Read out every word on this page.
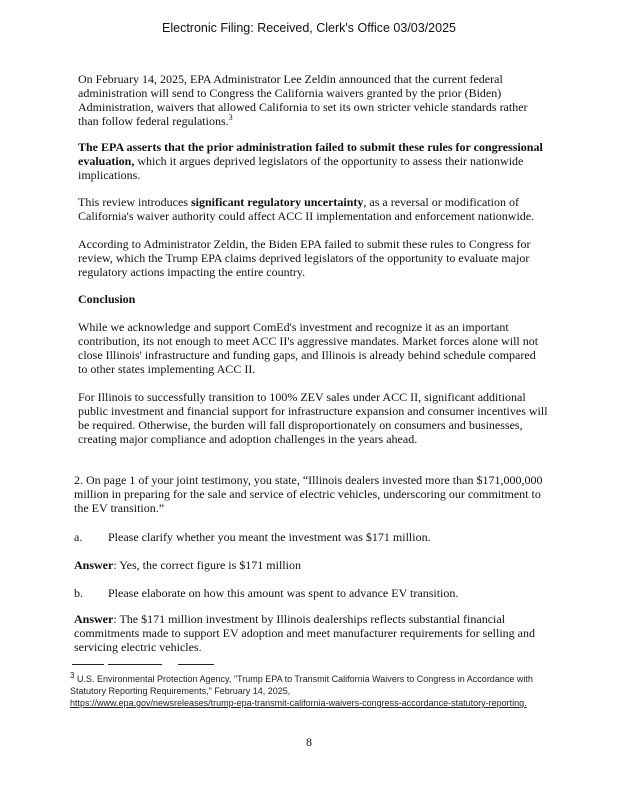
Electronic Filing: Received, Clerk's Office 03/03/2025

On February 14, 2025, EPA Administrator Lee Zeldin announced that the current federal administration will send to Congress the California waivers granted by the prior (Biden) Administration, waivers that allowed California to set its own stricter vehicle standards rather than follow federal regulations.$^3$

The EPA asserts that the prior administration failed to submit these rules for congressional evaluation, which it argues deprived legislators of the opportunity to assess their nationwide implications.

This review introduces significant regulatory uncertainty, as a reversal or modification of California's waiver authority could affect ACC II implementation and enforcement nationwide.

According to Administrator Zeldin, the Biden EPA failed to submit these rules to Congress for review, which the Trump EPA claims deprived legislators of the opportunity to evaluate major regulatory actions impacting the entire country.

Conclusion

While we acknowledge and support ComEd's investment and recognize it as an important contribution, its not enough to meet ACC II's aggressive mandates. Market forces alone will not close Illinois' infrastructure and funding gaps, and Illinois is already behind schedule compared to other states implementing ACC II.

For Illinois to successfully transition to 100% ZEV sales under ACC II, significant additional public investment and financial support for infrastructure expansion and consumer incentives will be required. Otherwise, the burden will fall disproportionately on consumers and businesses, creating major compliance and adoption challenges in the years ahead.

2. On page 1 of your joint testimony, you state, “Illinois dealers invested more than $171,000,000 million in preparing for the sale and service of electric vehicles, underscoring our commitment to the EV transition.”

a. Please clarify whether you meant the investment was $171 million.

Answer: Yes, the correct figure is $171 million

b. Please elaborate on how this amount was spent to advance EV transition.

Answer: The $171 million investment by Illinois dealerships reflects substantial financial commitments made to support EV adoption and meet manufacturer requirements for selling and servicing electric vehicles.

$^3$ U.S. Environmental Protection Agency, "Trump EPA to Transmit California Waivers to Congress in Accordance with Statutory Reporting Requirements," February 14, 2025,
https://www.epa.gov/newsreleases/trump-epa-transmit-california-waivers-congress-accordance-statutory-reporting.
8
